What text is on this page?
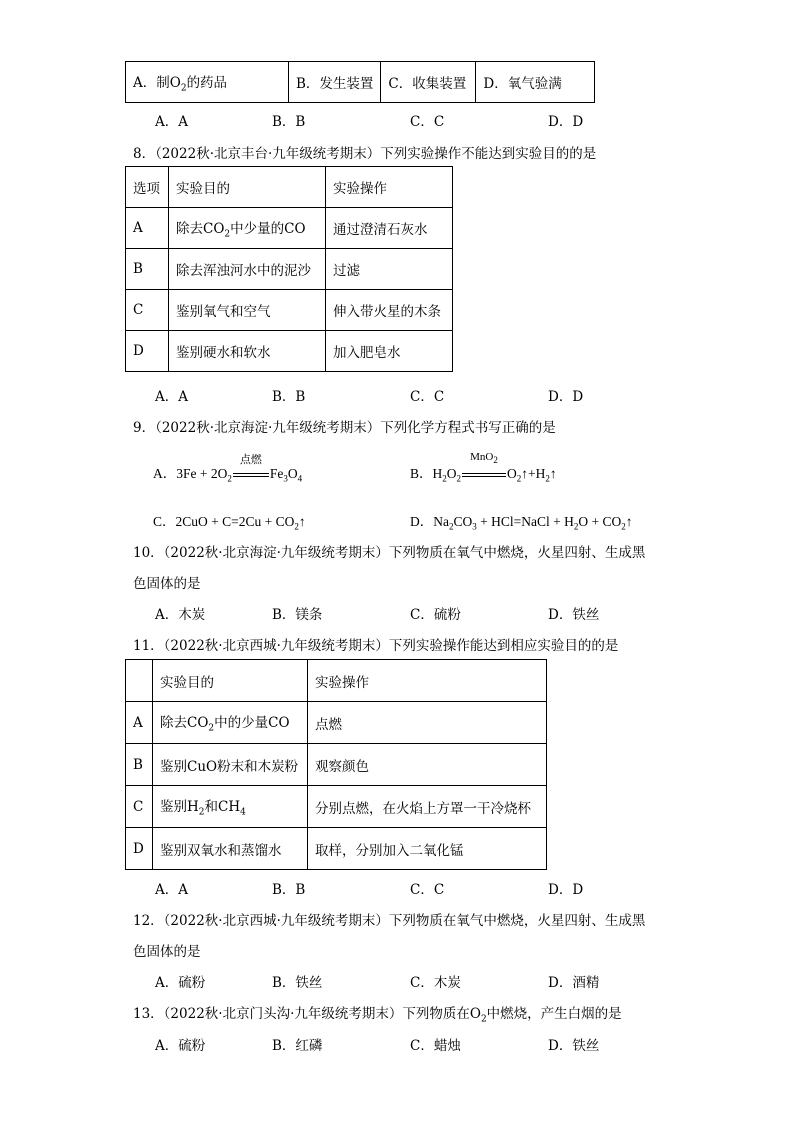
A．制$O_2$的药品	B．发生装置	C．收集装置	D．氧气验满
A．A	B．B	C．C	D．D
8．（2022秋·北京丰台·九年级统考期末）下列实验操作不能达到实验目的的是
选项	实验目的	实验操作
A	除去$CO_2$中少量的CO	通过澄清石灰水
B	除去浑浊河水中的泥沙	过滤
C	鉴别氧气和空气	伸入带火星的木条
D	鉴别硬水和软水	加入肥皂水
A．A	B．B	C．C	D．D
9．（2022秋·北京海淀·九年级统考期末）下列化学方程式书写正确的是
A．$3Fe + 2O_2$
点燃
$Fe_3O_4$	B．$H_2O_2$
MnO$_2$
$O_2↑+H_2↑$
C．$2CuO + C=2Cu + CO_2↑$	D．$Na_2CO_3$ + HCl=NaCl + $H_2O$ + $CO_2↑$
10．（2022秋·北京海淀·九年级统考期末）下列物质在氧气中燃烧，火星四射、生成黑
色固体的是
A．木炭	B．镁条	C．硫粉	D．铁丝
11．（2022秋·北京西城·九年级统考期末）下列实验操作能达到相应实验目的的是
	实验目的	实验操作
A	除去$CO_2$中的少量CO	点燃
B	鉴别CuO粉末和木炭粉	观察颜色
C	鉴别$H_2$和$CH_4$	分别点燃，在火焰上方罩一干冷烧杯
D	鉴别双氧水和蒸馏水	取样，分别加入二氧化锰
A．A	B．B	C．C	D．D
12．（2022秋·北京西城·九年级统考期末）下列物质在氧气中燃烧，火星四射、生成黑
色固体的是
A．硫粉	B．铁丝	C．木炭	D．酒精
13．（2022秋·北京门头沟·九年级统考期末）下列物质在$O_2$中燃烧，产生白烟的是
A．硫粉	B．红磷	C．蜡烛	D．铁丝
